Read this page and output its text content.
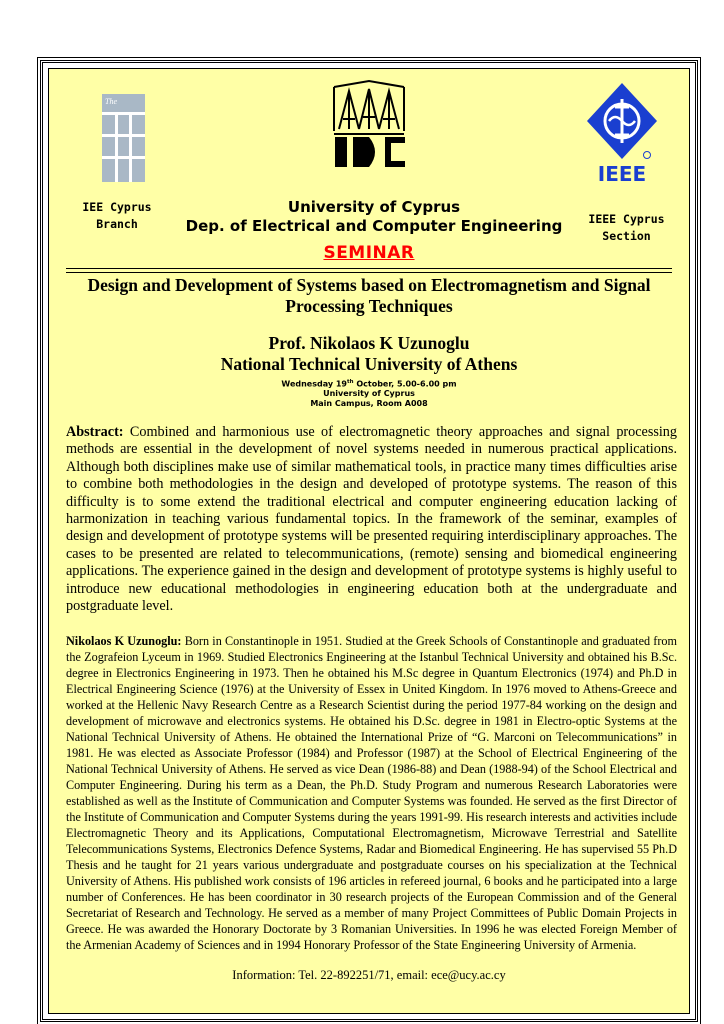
The
IEEE
IEE Cyprus
Branch	IEEE Cyprus
Section
University of Cyprus
Dep. of Electrical and Computer Engineering
SEMINAR
Design and Development of Systems based on Electromagnetism and Signal Processing Techniques
Prof. Nikolaos K Uzunoglu
National Technical University of Athens
Wednesday 19th October, 5.00-6.00 pm
University of Cyprus
Main Campus, Room A008
Abstract: Combined and harmonious use of electromagnetic theory approaches and signal processing methods are essential in the development of novel systems needed in numerous practical applications. Although both disciplines make use of similar mathematical tools, in practice many times difficulties arise to combine both methodologies in the design and developed of prototype systems. The reason of this difficulty is to some extend the traditional electrical and computer engineering education lacking of harmonization in teaching various fundamental topics. In the framework of the seminar, examples of design and development of prototype systems will be presented requiring interdisciplinary approaches. The cases to be presented are related to telecommunications, (remote) sensing and biomedical engineering applications. The experience gained in the design and development of prototype systems is highly useful to introduce new educational methodologies in engineering education both at the undergraduate and postgraduate level.
Nikolaos K Uzunoglu: Born in Constantinople in 1951. Studied at the Greek Schools of Constantinople and graduated from the Zografeion Lyceum in 1969. Studied Electronics Engineering at the Istanbul Technical University and obtained his B.Sc. degree in Electronics Engineering in 1973. Then he obtained his M.Sc degree in Quantum Electronics (1974) and Ph.D in Electrical Engineering Science (1976) at the University of Essex in United Kingdom. In 1976 moved to Athens-Greece and worked at the Hellenic Navy Research Centre as a Research Scientist during the period 1977-84 working on the design and development of microwave and electronics systems. He obtained his D.Sc. degree in 1981 in Electro-optic Systems at the National Technical University of Athens. He obtained the International Prize of “G. Marconi on Telecommunications” in 1981. He was elected as Associate Professor (1984) and Professor (1987) at the School of Electrical Engineering of the National Technical University of Athens. He served as vice Dean (1986-88) and Dean (1988-94) of the School Electrical and Computer Engineering. During his term as a Dean, the Ph.D. Study Program and numerous Research Laboratories were established as well as the Institute of Communication and Computer Systems was founded. He served as the first Director of the Institute of Communication and Computer Systems during the years 1991-99. His research interests and activities include Electromagnetic Theory and its Applications, Computational Electromagnetism, Microwave Terrestrial and Satellite Telecommunications Systems, Electronics Defence Systems, Radar and Biomedical Engineering. He has supervised 55 Ph.D Thesis and he taught for 21 years various undergraduate and postgraduate courses on his specialization at the Technical University of Athens. His published work consists of 196 articles in refereed journal, 6 books and he participated into a large number of Conferences. He has been coordinator in 30 research projects of the European Commission and of the General Secretariat of Research and Technology. He served as a member of many Project Committees of Public Domain Projects in Greece. He was awarded the Honorary Doctorate by 3 Romanian Universities. In 1996 he was elected Foreign Member of the Armenian Academy of Sciences and in 1994 Honorary Professor of the State Engineering University of Armenia.
Information: Tel. 22-892251/71, email: ece@ucy.ac.cy
